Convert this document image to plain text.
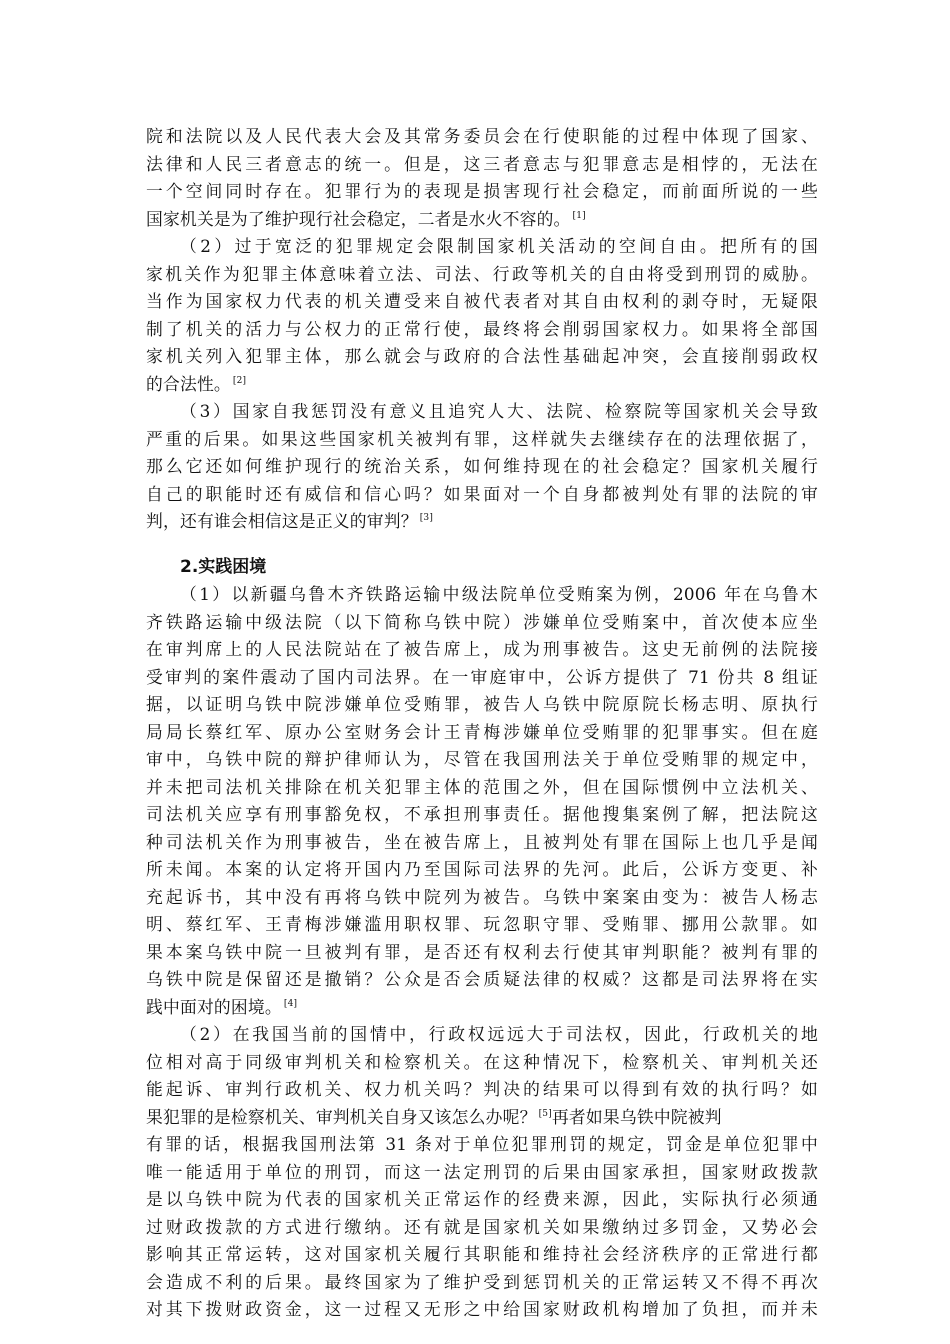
院和法院以及人民代表大会及其常务委员会在行使职能的过程中体现了国家、
法律和人民三者意志的统一。但是，这三者意志与犯罪意志是相悖的，无法在
一个空间同时存在。犯罪行为的表现是损害现行社会稳定，而前面所说的一些
国家机关是为了维护现行社会稳定，二者是水火不容的。 [1]
（2）过于宽泛的犯罪规定会限制国家机关活动的空间自由。把所有的国
家机关作为犯罪主体意味着立法、司法、行政等机关的自由将受到刑罚的威胁。
当作为国家权力代表的机关遭受来自被代表者对其自由权利的剥夺时，无疑限
制了机关的活力与公权力的正常行使，最终将会削弱国家权力。如果将全部国
家机关列入犯罪主体，那么就会与政府的合法性基础起冲突，会直接削弱政权
的合法性。 [2]
（3）国家自我惩罚没有意义且追究人大、法院、检察院等国家机关会导致
严重的后果。如果这些国家机关被判有罪，这样就失去继续存在的法理依据了，
那么它还如何维护现行的统治关系，如何维持现在的社会稳定？国家机关履行
自己的职能时还有威信和信心吗？如果面对一个自身都被判处有罪的法院的审
判，还有谁会相信这是正义的审判？ [3]
2.实践困境
（1）以新疆乌鲁木齐铁路运输中级法院单位受贿案为例，2006 年在乌鲁木
齐铁路运输中级法院（以下简称乌铁中院）涉嫌单位受贿案中，首次使本应坐
在审判席上的人民法院站在了被告席上，成为刑事被告。这史无前例的法院接
受审判的案件震动了国内司法界。在一审庭审中，公诉方提供了 71 份共 8 组证
据，以证明乌铁中院涉嫌单位受贿罪，被告人乌铁中院原院长杨志明、原执行
局局长蔡红军、原办公室财务会计王青梅涉嫌单位受贿罪的犯罪事实。但在庭
审中，乌铁中院的辩护律师认为，尽管在我国刑法关于单位受贿罪的规定中，
并未把司法机关排除在机关犯罪主体的范围之外，但在国际惯例中立法机关、
司法机关应享有刑事豁免权，不承担刑事责任。据他搜集案例了解，把法院这
种司法机关作为刑事被告，坐在被告席上，且被判处有罪在国际上也几乎是闻
所未闻。本案的认定将开国内乃至国际司法界的先河。此后，公诉方变更、补
充起诉书，其中没有再将乌铁中院列为被告。乌铁中案案由变为：被告人杨志
明、蔡红军、王青梅涉嫌滥用职权罪、玩忽职守罪、受贿罪、挪用公款罪。如
果本案乌铁中院一旦被判有罪，是否还有权利去行使其审判职能？被判有罪的
乌铁中院是保留还是撤销？公众是否会质疑法律的权威？这都是司法界将在实
践中面对的困境。 [4]
（2）在我国当前的国情中，行政权远远大于司法权，因此，行政机关的地
位相对高于同级审判机关和检察机关。在这种情况下，检察机关、审判机关还
能起诉、审判行政机关、权力机关吗？判决的结果可以得到有效的执行吗？如
果犯罪的是检察机关、审判机关自身又该怎么办呢？ [5]再者如果乌铁中院被判
有罪的话，根据我国刑法第 31 条对于单位犯罪刑罚的规定，罚金是单位犯罪中
唯一能适用于单位的刑罚，而这一法定刑罚的后果由国家承担，国家财政拨款
是以乌铁中院为代表的国家机关正常运作的经费来源，因此，实际执行必须通
过财政拨款的方式进行缴纳。还有就是国家机关如果缴纳过多罚金，又势必会
影响其正常运转，这对国家机关履行其职能和维持社会经济秩序的正常进行都
会造成不利的后果。最终国家为了维护受到惩罚机关的正常运转又不得不再次
对其下拨财政资金，这一过程又无形之中给国家财政机构增加了负担，而并未
